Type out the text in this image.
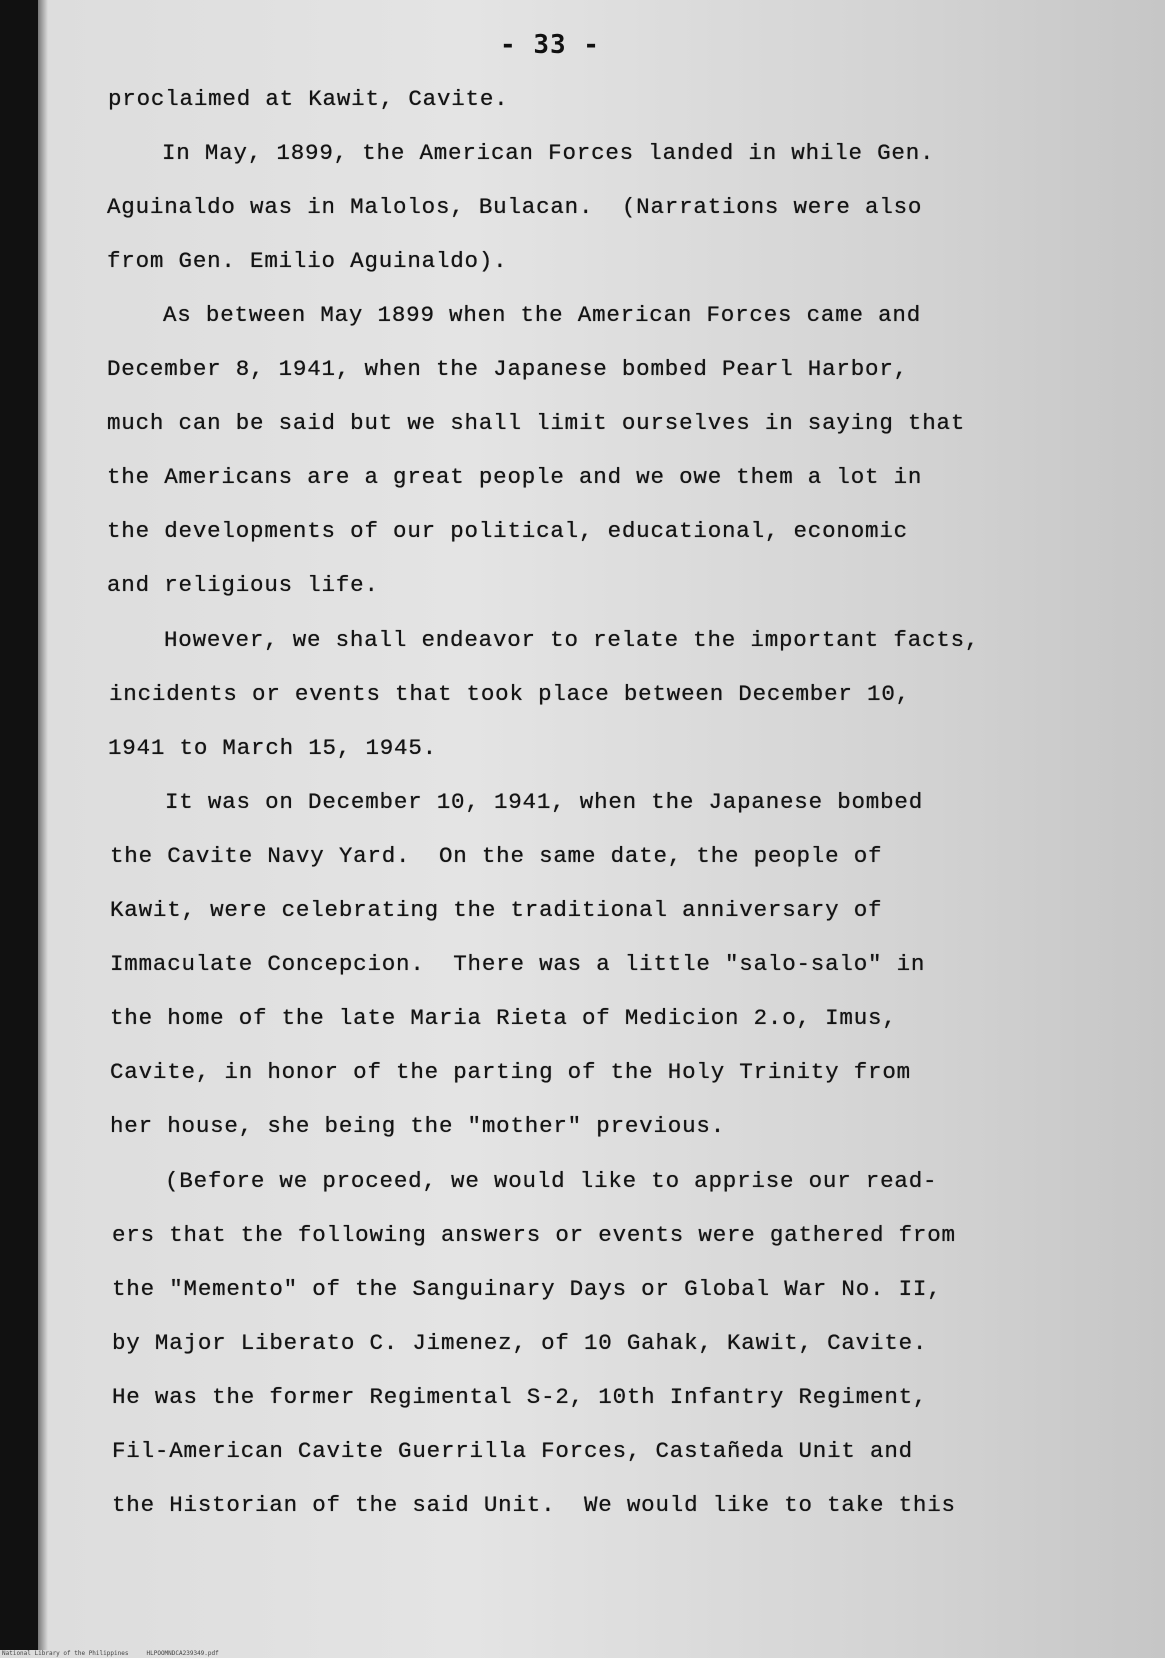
- 33 -
proclaimed at Kawit, Cavite.
In May, 1899, the American Forces landed in while Gen.
Aguinaldo was in Malolos, Bulacan.  (Narrations were also
from Gen. Emilio Aguinaldo).
As between May 1899 when the American Forces came and
December 8, 1941, when the Japanese bombed Pearl Harbor,
much can be said but we shall limit ourselves in saying that
the Americans are a great people and we owe them a lot in
the developments of our political, educational, economic
and religious life.
However, we shall endeavor to relate the important facts,
incidents or events that took place between December 10,
1941 to March 15, 1945.
It was on December 10, 1941, when the Japanese bombed
the Cavite Navy Yard.  On the same date, the people of
Kawit, were celebrating the traditional anniversary of
Immaculate Concepcion.  There was a little "salo-salo" in
the home of the late Maria Rieta of Medicion 2.o, Imus,
Cavite, in honor of the parting of the Holy Trinity from
her house, she being the "mother" previous.
(Before we proceed, we would like to apprise our read-
ers that the following answers or events were gathered from
the "Memento" of the Sanguinary Days or Global War No. II,
by Major Liberato C. Jimenez, of 10 Gahak, Kawit, Cavite.
He was the former Regimental S-2, 10th Infantry Regiment,
Fil-American Cavite Guerrilla Forces, Castañeda Unit and
the Historian of the said Unit.  We would like to take this
National Library of the Philippines     HLPOOMNDCA239349.pdf
